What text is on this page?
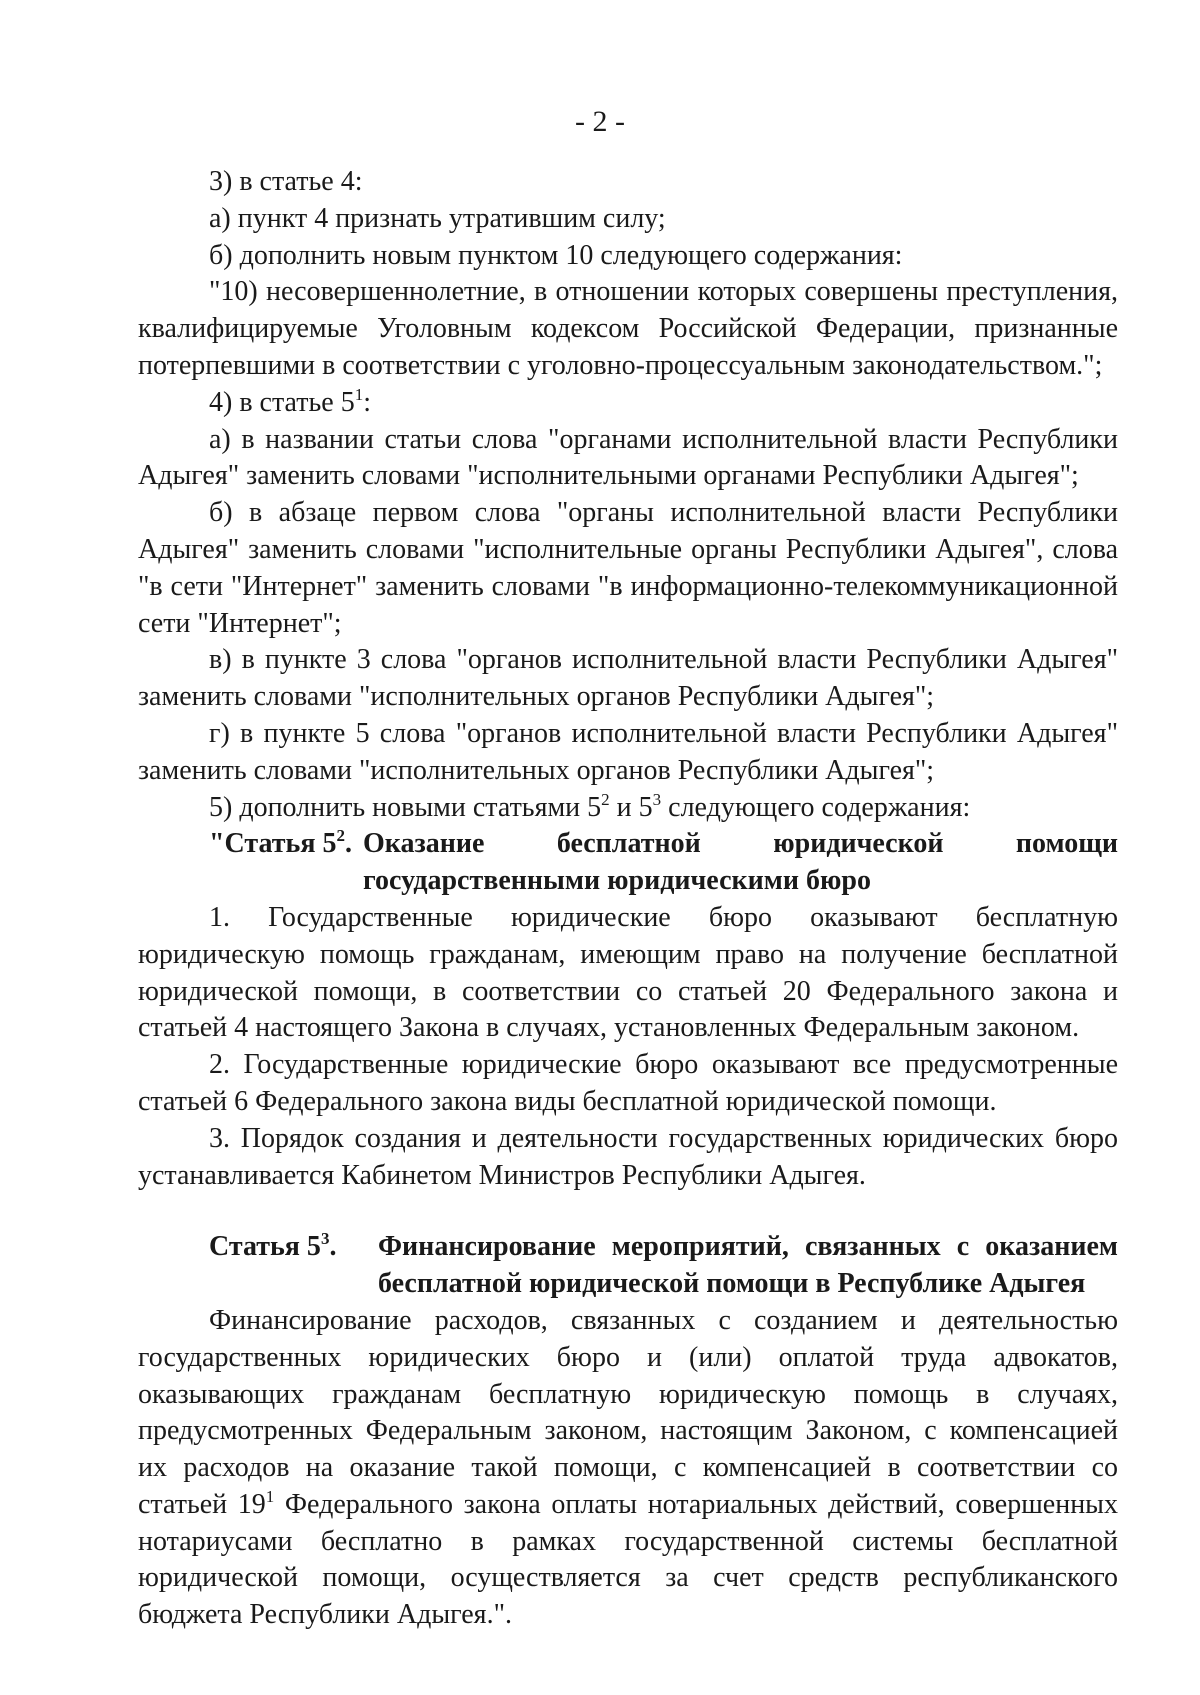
- 2 -

3) в статье 4:

а) пункт 4 признать утратившим силу;

б) дополнить новым пунктом 10 следующего содержания:

"10) несовершеннолетние, в отношении которых совершены преступления, квалифицируемые Уголовным кодексом Российской Федерации, признанные потерпевшими в соответствии с уголовно-процессуальным законодательством.";

4) в статье $5^1$:

а) в названии статьи слова "органами исполнительной власти Республики Адыгея" заменить словами "исполнительными органами Республики Адыгея";

б) в абзаце первом слова "органы исполнительной власти Республики Адыгея" заменить словами "исполнительные органы Республики Адыгея", слова "в сети "Интернет" заменить словами "в информационно-телекоммуникационной сети "Интернет";

в) в пункте 3 слова "органов исполнительной власти Республики Адыгея" заменить словами "исполнительных органов Республики Адыгея";

г) в пункте 5 слова "органов исполнительной власти Республики Адыгея" заменить словами "исполнительных органов Республики Адыгея";

5) дополнить новыми статьями $5^2$ и $5^3$ следующего содержания:

"Статья $5^2$. Оказание бесплатной юридической помощи государственными юридическими бюро

1. Государственные юридические бюро оказывают бесплатную юридическую помощь гражданам, имеющим право на получение бесплатной юридической помощи, в соответствии со статьей 20 Федерального закона и статьей 4 настоящего Закона в случаях, установленных Федеральным законом.

2. Государственные юридические бюро оказывают все предусмотренные статьей 6 Федерального закона виды бесплатной юридической помощи.

3. Порядок создания и деятельности государственных юридических бюро устанавливается Кабинетом Министров Республики Адыгея.

Статья $5^3$.	Финансирование мероприятий, связанных с оказанием бесплатной юридической помощи в Республике Адыгея

Финансирование расходов, связанных с созданием и деятельностью государственных юридических бюро и (или) оплатой труда адвокатов, оказывающих гражданам бесплатную юридическую помощь в случаях, предусмотренных Федеральным законом, настоящим Законом, с компенсацией их расходов на оказание такой помощи, с компенсацией в соответствии со статьей $19^1$ Федерального закона оплаты нотариальных действий, совершенных нотариусами бесплатно в рамках государственной системы бесплатной юридической помощи, осуществляется за счет средств республиканского бюджета Республики Адыгея.".
